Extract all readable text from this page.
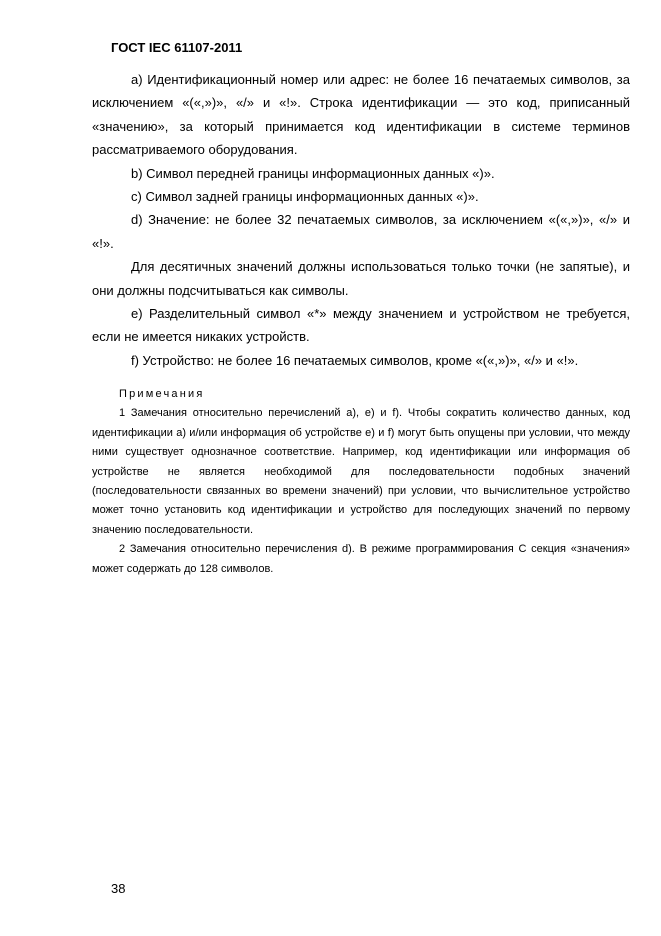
ГОСТ IEC 61107-2011

a) Идентификационный номер или адрес: не более 16 печатаемых символов, за исключением «(«,»)», «/» и «!». Строка идентификации — это код, приписанный «значению», за который принимается код идентификации в системе терминов рассматриваемого оборудования.

b) Символ передней границы информационных данных «)».

c) Символ задней границы информационных данных «)».

d) Значение: не более 32 печатаемых символов, за исключением «(«,»)», «/» и «!».

Для десятичных значений должны использоваться только точки (не запятые), и они должны подсчитываться как символы.

e) Разделительный символ «*» между значением и устройством не требуется, если не имеется никаких устройств.

f) Устройство: не более 16 печатаемых символов, кроме «(«,»)», «/» и «!».

Примечания

1 Замечания относительно перечислений a), e) и f). Чтобы сократить количество данных, код идентификации a) и/или информация об устройстве e) и f) могут быть опущены при условии, что между ними существует однозначное соответствие. Например, код идентификации или информация об устройстве не является необходимой для последовательности подобных значений (последовательности связанных во времени значений) при условии, что вычислительное устройство может точно установить код идентификации и устройство для последующих значений по первому значению последовательности.

2 Замечания относительно перечисления d). В режиме программирования С секция «значения» может содержать до 128 символов.

38
